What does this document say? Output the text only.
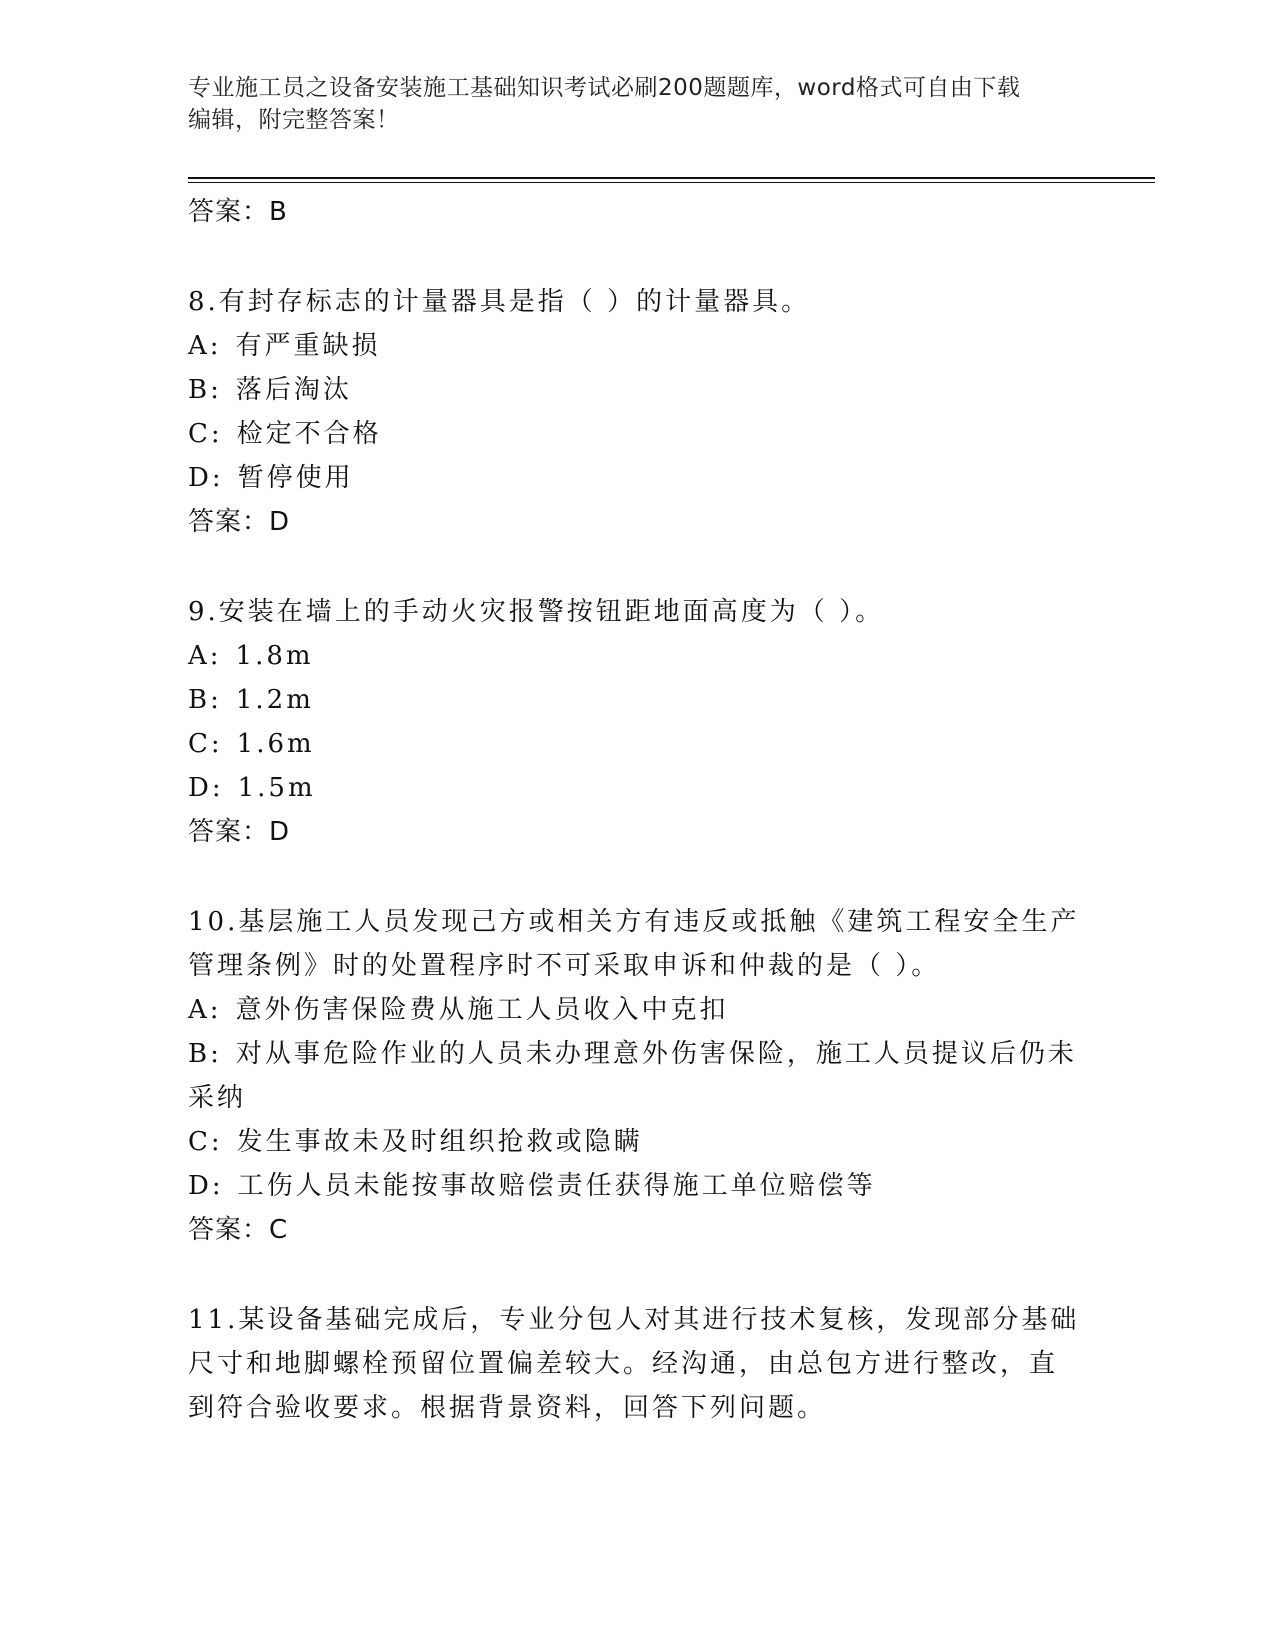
专业施工员之设备安装施工基础知识考试必刷200题题库，word格式可自由下载
编辑，附完整答案！
答案：B
8.有封存标志的计量器具是指（ ）的计量器具。
A: 有严重缺损
B: 落后淘汰
C: 检定不合格
D: 暂停使用
答案：D
9.安装在墙上的手动火灾报警按钮距地面高度为（ ）。
A: 1.8m
B: 1.2m
C: 1.6m
D: 1.5m
答案：D
10.基层施工人员发现己方或相关方有违反或抵触《建筑工程安全生产
管理条例》时的处置程序时不可采取申诉和仲裁的是（ ）。
A: 意外伤害保险费从施工人员收入中克扣
B: 对从事危险作业的人员未办理意外伤害保险，施工人员提议后仍未
采纳
C: 发生事故未及时组织抢救或隐瞒
D: 工伤人员未能按事故赔偿责任获得施工单位赔偿等
答案：C
11.某设备基础完成后，专业分包人对其进行技术复核，发现部分基础
尺寸和地脚螺栓预留位置偏差较大。经沟通，由总包方进行整改，直
到符合验收要求。根据背景资料，回答下列问题。
